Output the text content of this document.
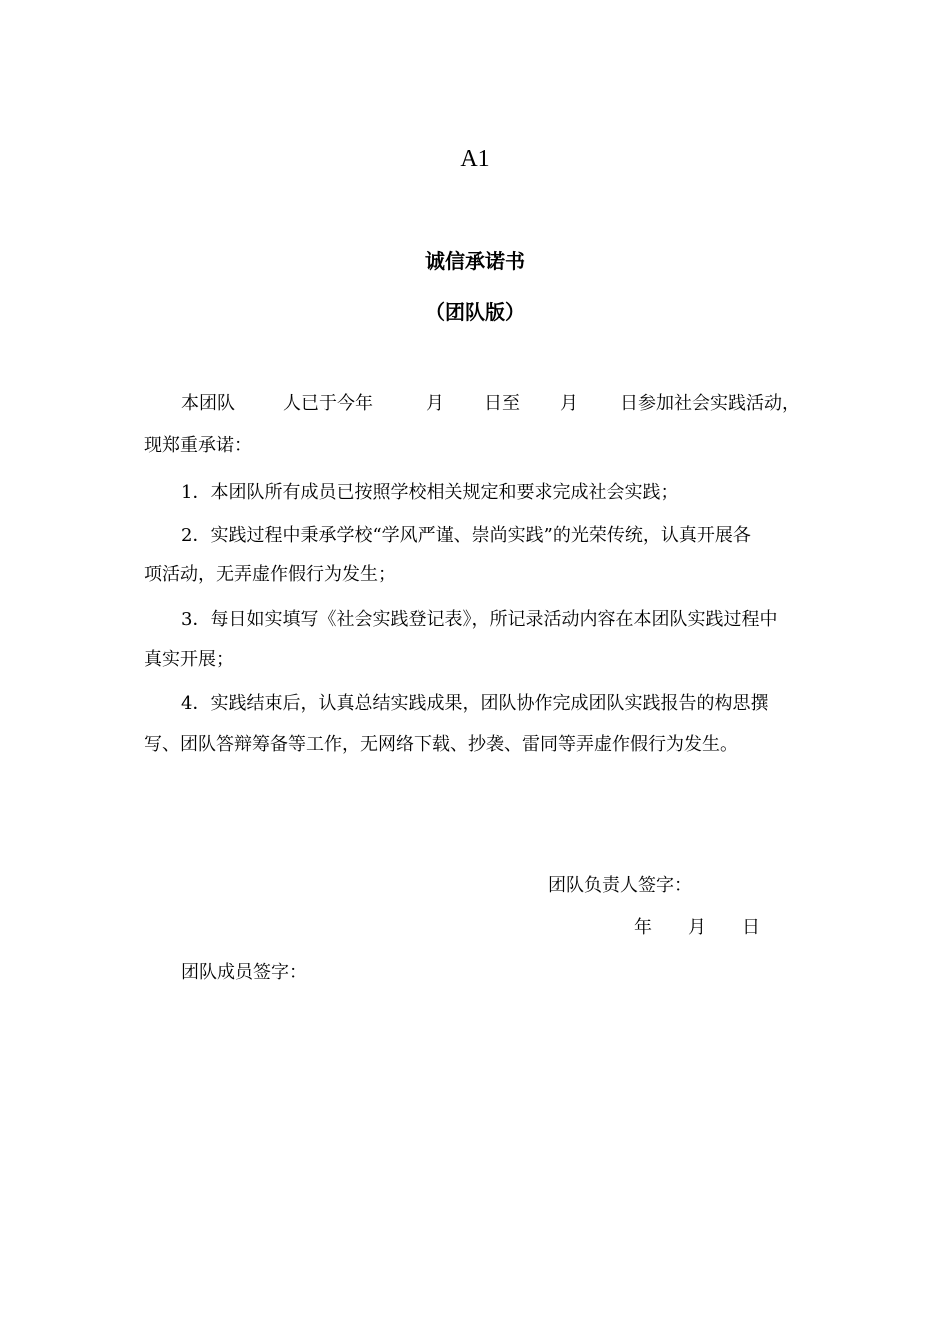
A1
诚信承诺书
（团队版）
本团队	人已于今年	月 日至 月 日参加社会实践活动，
现郑重承诺：
1．本团队所有成员已按照学校相关规定和要求完成社会实践；
2．实践过程中秉承学校“学风严谨、崇尚实践”的光荣传统，认真开展各
项活动，无弄虚作假行为发生；
3．每日如实填写《社会实践登记表》，所记录活动内容在本团队实践过程中
真实开展；
4．实践结束后，认真总结实践成果，团队协作完成团队实践报告的构思撰
写、团队答辩筹备等工作，无网络下载、抄袭、雷同等弄虚作假行为发生。
团队负责人签字：
年 月 日
团队成员签字：
